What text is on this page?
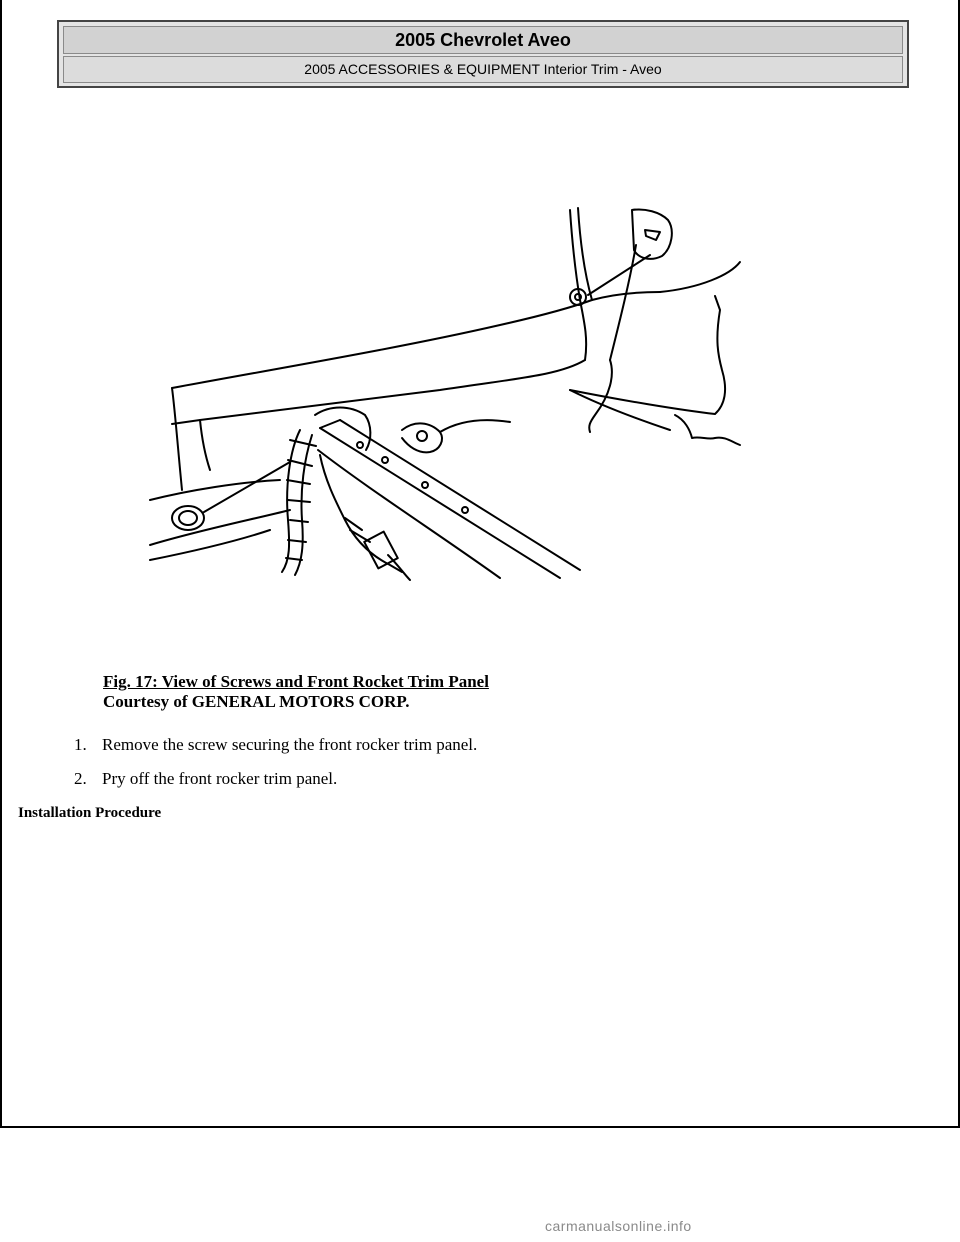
2005 Chevrolet Aveo
2005 ACCESSORIES & EQUIPMENT Interior Trim - Aveo
Fig. 17: View of Screws and Front Rocket Trim Panel
Courtesy of GENERAL MOTORS CORP.
1. Remove the screw securing the front rocker trim panel.
2. Pry off the front rocker trim panel.
Installation Procedure
carmanualsonline.info
